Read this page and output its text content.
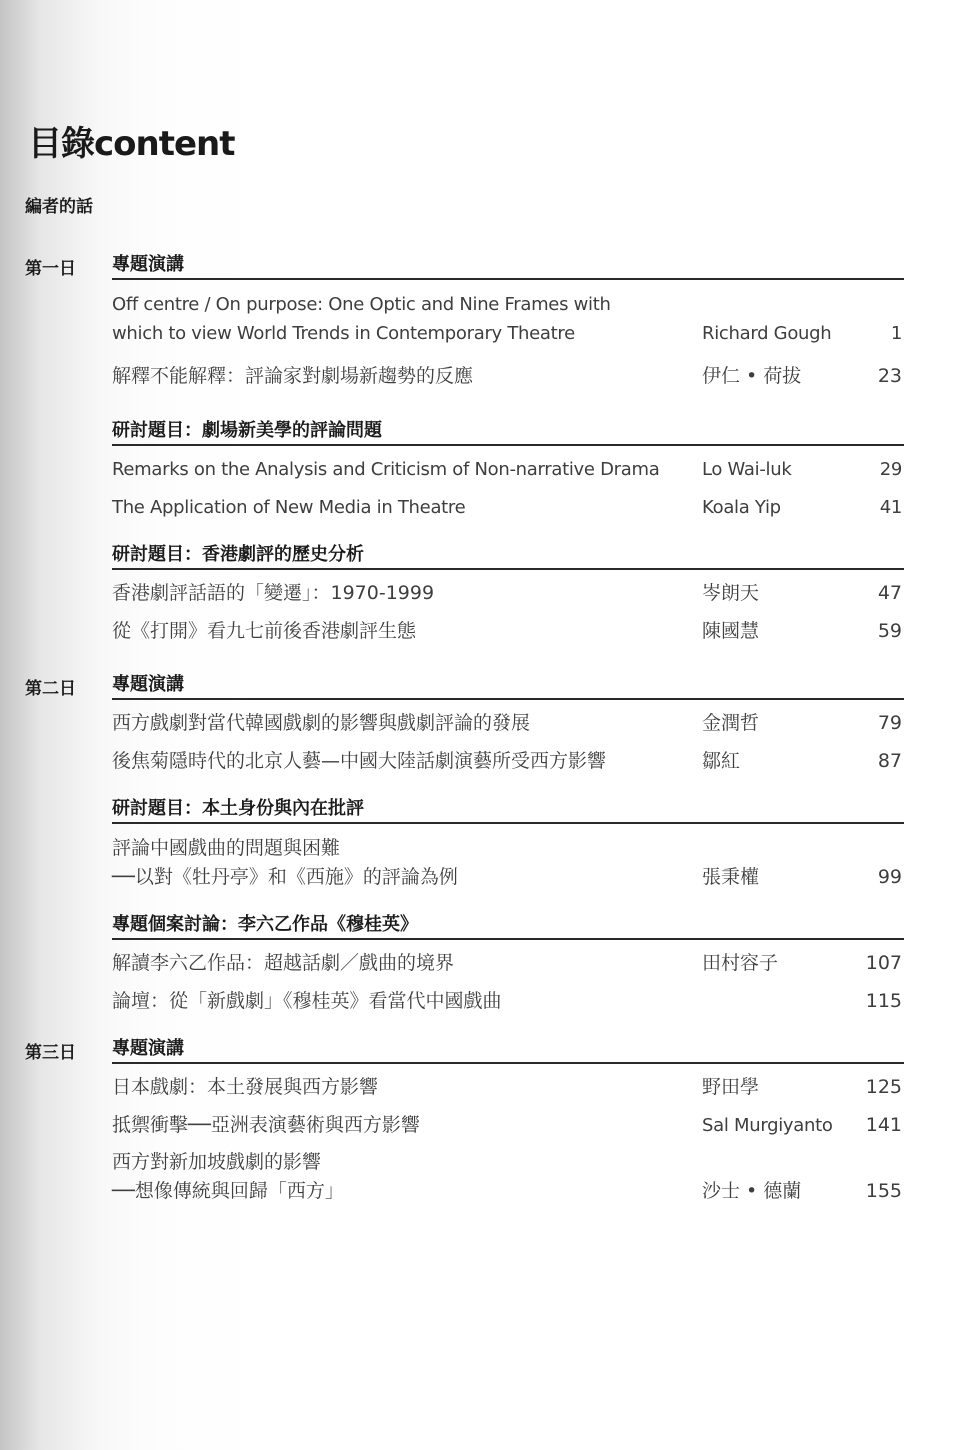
目錄content
編者的話
第一日 專題演講
Off centre / On purpose: One Optic and Nine Frames with
which to view World Trends in Contemporary Theatre	Richard Gough	1
解釋不能解釋：評論家對劇場新趨勢的反應	伊仁 • 荷拔	23
研討題目：劇場新美學的評論問題
Remarks on the Analysis and Criticism of Non-narrative Drama Lo Wai-luk	29
The Application of New Media in Theatre	Koala Yip	41
研討題目：香港劇評的歷史分析
香港劇評話語的「變遷」：1970-1999	岑朗天	47
從《打開》看九七前後香港劇評生態	陳國慧	59
第二日 專題演講
西方戲劇對當代韓國戲劇的影響與戲劇評論的發展	金潤哲	79
後焦菊隱時代的北京人藝—中國大陸話劇演藝所受西方影響	鄒紅	87
研討題目：本土身份與內在批評
評論中國戲曲的問題與困難
──以對《牡丹亭》和《西施》的評論為例	張秉權	99
專題個案討論：李六乙作品《穆桂英》
解讀李六乙作品：超越話劇／戲曲的境界	田村容子	107
論壇：從「新戲劇」《穆桂英》看當代中國戲曲	115
第三日 專題演講
日本戲劇：本土發展與西方影響	野田學	125
抵禦衝擊──亞洲表演藝術與西方影響	Sal Murgiyanto 141
西方對新加坡戲劇的影響
──想像傳統與回歸「西方」	沙士 • 德蘭	155
